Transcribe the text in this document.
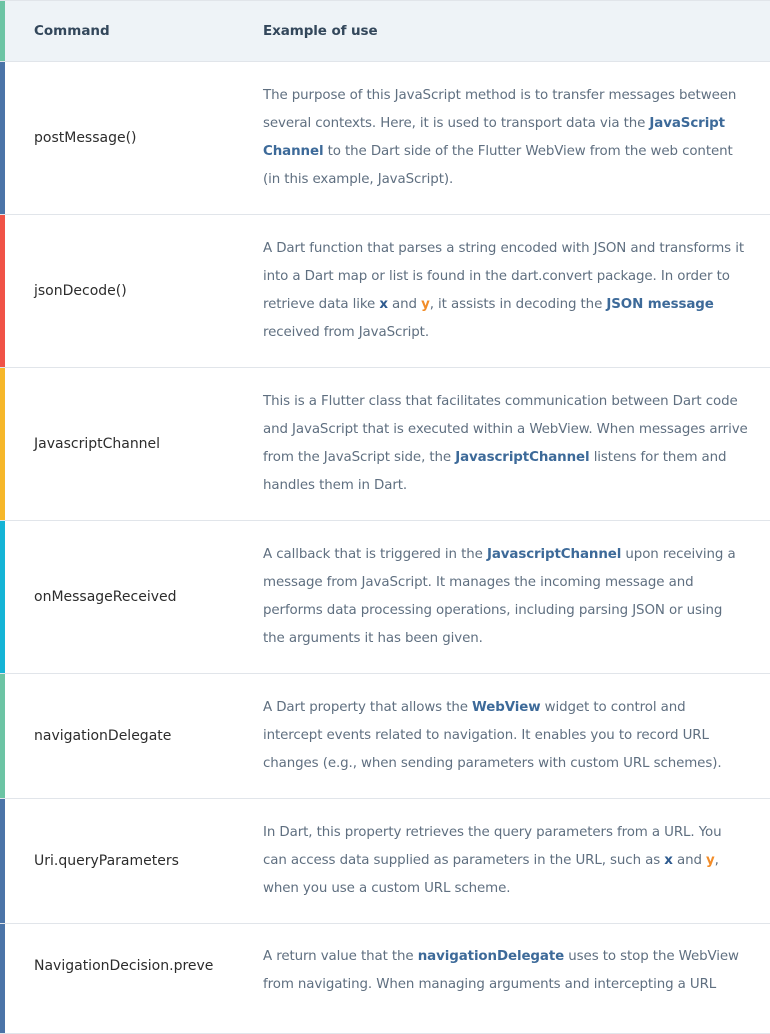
Command	Example of use
postMessage()

The purpose of this JavaScript method is to transfer messages between several contexts. Here, it is used to transport data via the JavaScript Channel to the Dart side of the Flutter WebView from the web content (in this example, JavaScript).

jsonDecode()

A Dart function that parses a string encoded with JSON and transforms it into a Dart map or list is found in the dart.convert package. In order to retrieve data like x and y, it assists in decoding the JSON message received from JavaScript.

JavascriptChannel

This is a Flutter class that facilitates communication between Dart code and JavaScript that is executed within a WebView. When messages arrive from the JavaScript side, the JavascriptChannel listens for them and handles them in Dart.

onMessageReceived

A callback that is triggered in the JavascriptChannel upon receiving a message from JavaScript. It manages the incoming message and performs data processing operations, including parsing JSON or using the arguments it has been given.

navigationDelegate

A Dart property that allows the WebView widget to control and intercept events related to navigation. It enables you to record URL changes (e.g., when sending parameters with custom URL schemes).

Uri.queryParameters

In Dart, this property retrieves the query parameters from a URL. You can access data supplied as parameters in the URL, such as x and y, when you use a custom URL scheme.

NavigationDecision.preve

A return value that the navigationDelegate uses to stop the WebView from navigating. When managing arguments and intercepting a URL
